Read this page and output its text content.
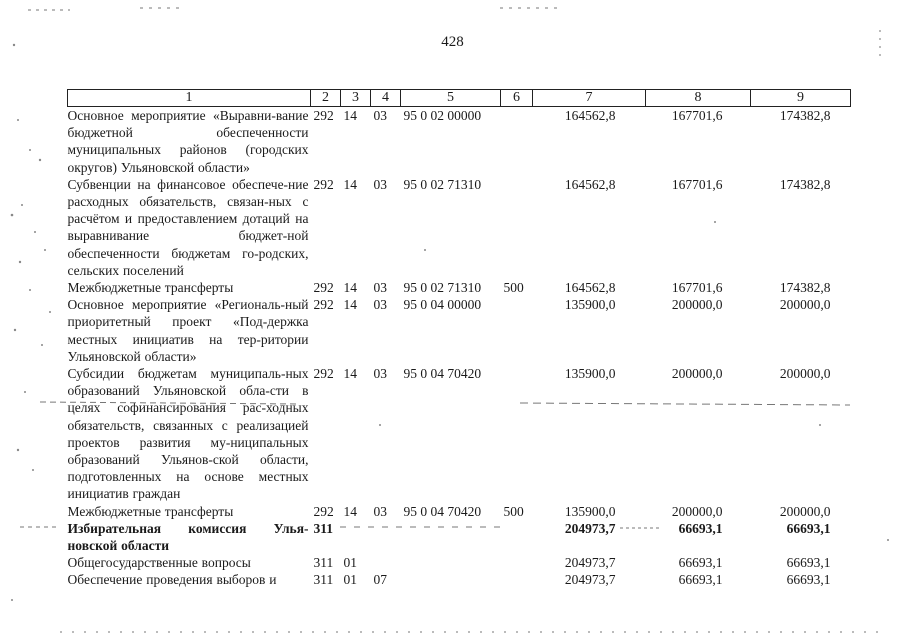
428
1	2	3	4	5	6	7	8	9
Основное мероприятие «Выравни-вание бюджетной обеспеченности муниципальных районов (городских округов) Ульяновской области»	292	14	03	95 0 02 00000		164562,8	167701,6	174382,8
Субвенции на финансовое обеспече-ние расходных обязательств, связан-ных с расчётом и предоставлением дотаций на выравнивание бюджет-ной обеспеченности бюджетам го-родских, сельских поселений	292	14	03	95 0 02 71310		164562,8	167701,6	174382,8
Межбюджетные трансферты	292	14	03	95 0 02 71310	500	164562,8	167701,6	174382,8
Основное мероприятие «Региональ-ный приоритетный проект «Под-держка местных инициатив на тер-ритории Ульяновской области»	292	14	03	95 0 04 00000		135900,0	200000,0	200000,0
Субсидии бюджетам муниципаль-ных образований Ульяновской обла-сти в целях софинансирования рас-ходных обязательств, связанных с реализацией проектов развития му-ниципальных образований Ульянов-ской области, подготовленных на основе местных инициатив граждан	292	14	03	95 0 04 70420		135900,0	200000,0	200000,0
Межбюджетные трансферты	292	14	03	95 0 04 70420	500	135900,0	200000,0	200000,0
Избирательная комиссия Улья-новской области	311					204973,7	66693,1	66693,1
Общегосударственные вопросы	311	01				204973,7	66693,1	66693,1
Обеспечение проведения выборов и	311	01	07			204973,7	66693,1	66693,1
